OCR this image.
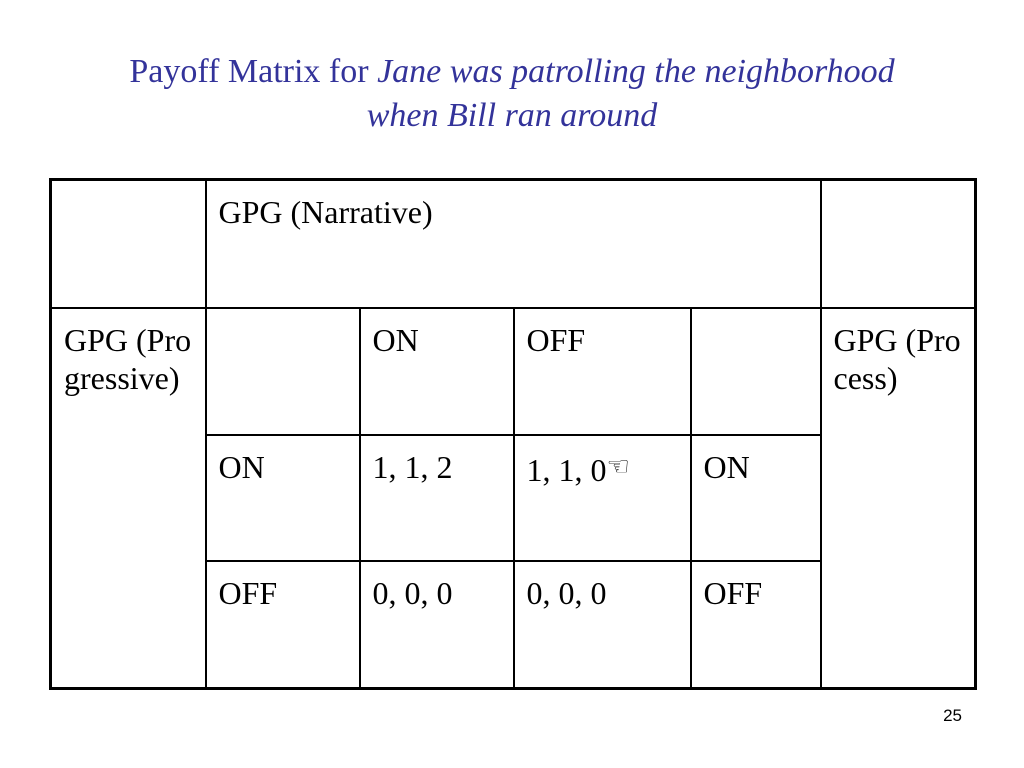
Payoff Matrix for Jane was patrolling the neighborhood
when Bill ran around
	GPG (Narrative)				
GPG (Progressive)		ON	OFF		GPG (Process)
	ON	1, 1, 2	1, 1, 0☜	ON	
	OFF	0, 0, 0	0, 0, 0	OFF	
25
